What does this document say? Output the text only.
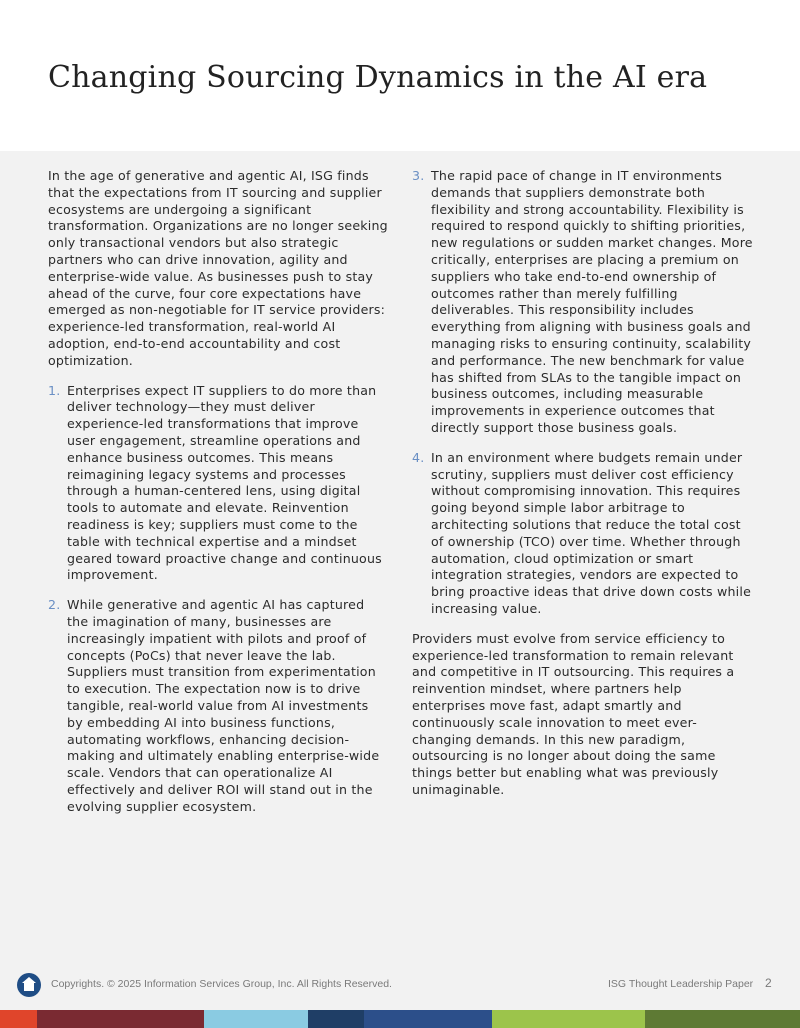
Changing Sourcing Dynamics in the AI era

In the age of generative and agentic AI, ISG finds that the expectations from IT sourcing and supplier ecosystems are undergoing a significant transformation. Organizations are no longer seeking only transactional vendors but also strategic partners who can drive innovation, agility and enterprise-wide value. As businesses push to stay ahead of the curve, four core expectations have emerged as non-negotiable for IT service providers: experience-led transformation, real-world AI adoption, end-to-end accountability and cost optimization.

1. Enterprises expect IT suppliers to do more than deliver technology—they must deliver experience-led transformations that improve user engagement, streamline operations and enhance business outcomes. This means reimagining legacy systems and processes through a human-centered lens, using digital tools to automate and elevate. Reinvention readiness is key; suppliers must come to the table with technical expertise and a mindset geared toward proactive change and continuous improvement.

2. While generative and agentic AI has captured the imagination of many, businesses are increasingly impatient with pilots and proof of concepts (PoCs) that never leave the lab. Suppliers must transition from experimentation to execution. The expectation now is to drive tangible, real-world value from AI investments by embedding AI into business functions, automating workflows, enhancing decision-making and ultimately enabling enterprise-wide scale. Vendors that can operationalize AI effectively and deliver ROI will stand out in the evolving supplier ecosystem.

3. The rapid pace of change in IT environments demands that suppliers demonstrate both flexibility and strong accountability. Flexibility is required to respond quickly to shifting priorities, new regulations or sudden market changes. More critically, enterprises are placing a premium on suppliers who take end-to-end ownership of outcomes rather than merely fulfilling deliverables. This responsibility includes everything from aligning with business goals and managing risks to ensuring continuity, scalability and performance. The new benchmark for value has shifted from SLAs to the tangible impact on business outcomes, including measurable improvements in experience outcomes that directly support those business goals.

4. In an environment where budgets remain under scrutiny, suppliers must deliver cost efficiency without compromising innovation. This requires going beyond simple labor arbitrage to architecting solutions that reduce the total cost of ownership (TCO) over time. Whether through automation, cloud optimization or smart integration strategies, vendors are expected to bring proactive ideas that drive down costs while increasing value.

Providers must evolve from service efficiency to experience-led transformation to remain relevant and competitive in IT outsourcing. This requires a reinvention mindset, where partners help enterprises move fast, adapt smartly and continuously scale innovation to meet ever-changing demands. In this new paradigm, outsourcing is no longer about doing the same things better but enabling what was previously unimaginable.

Copyrights. © 2025 Information Services Group, Inc. All Rights Reserved.	ISG Thought Leadership Paper 2
